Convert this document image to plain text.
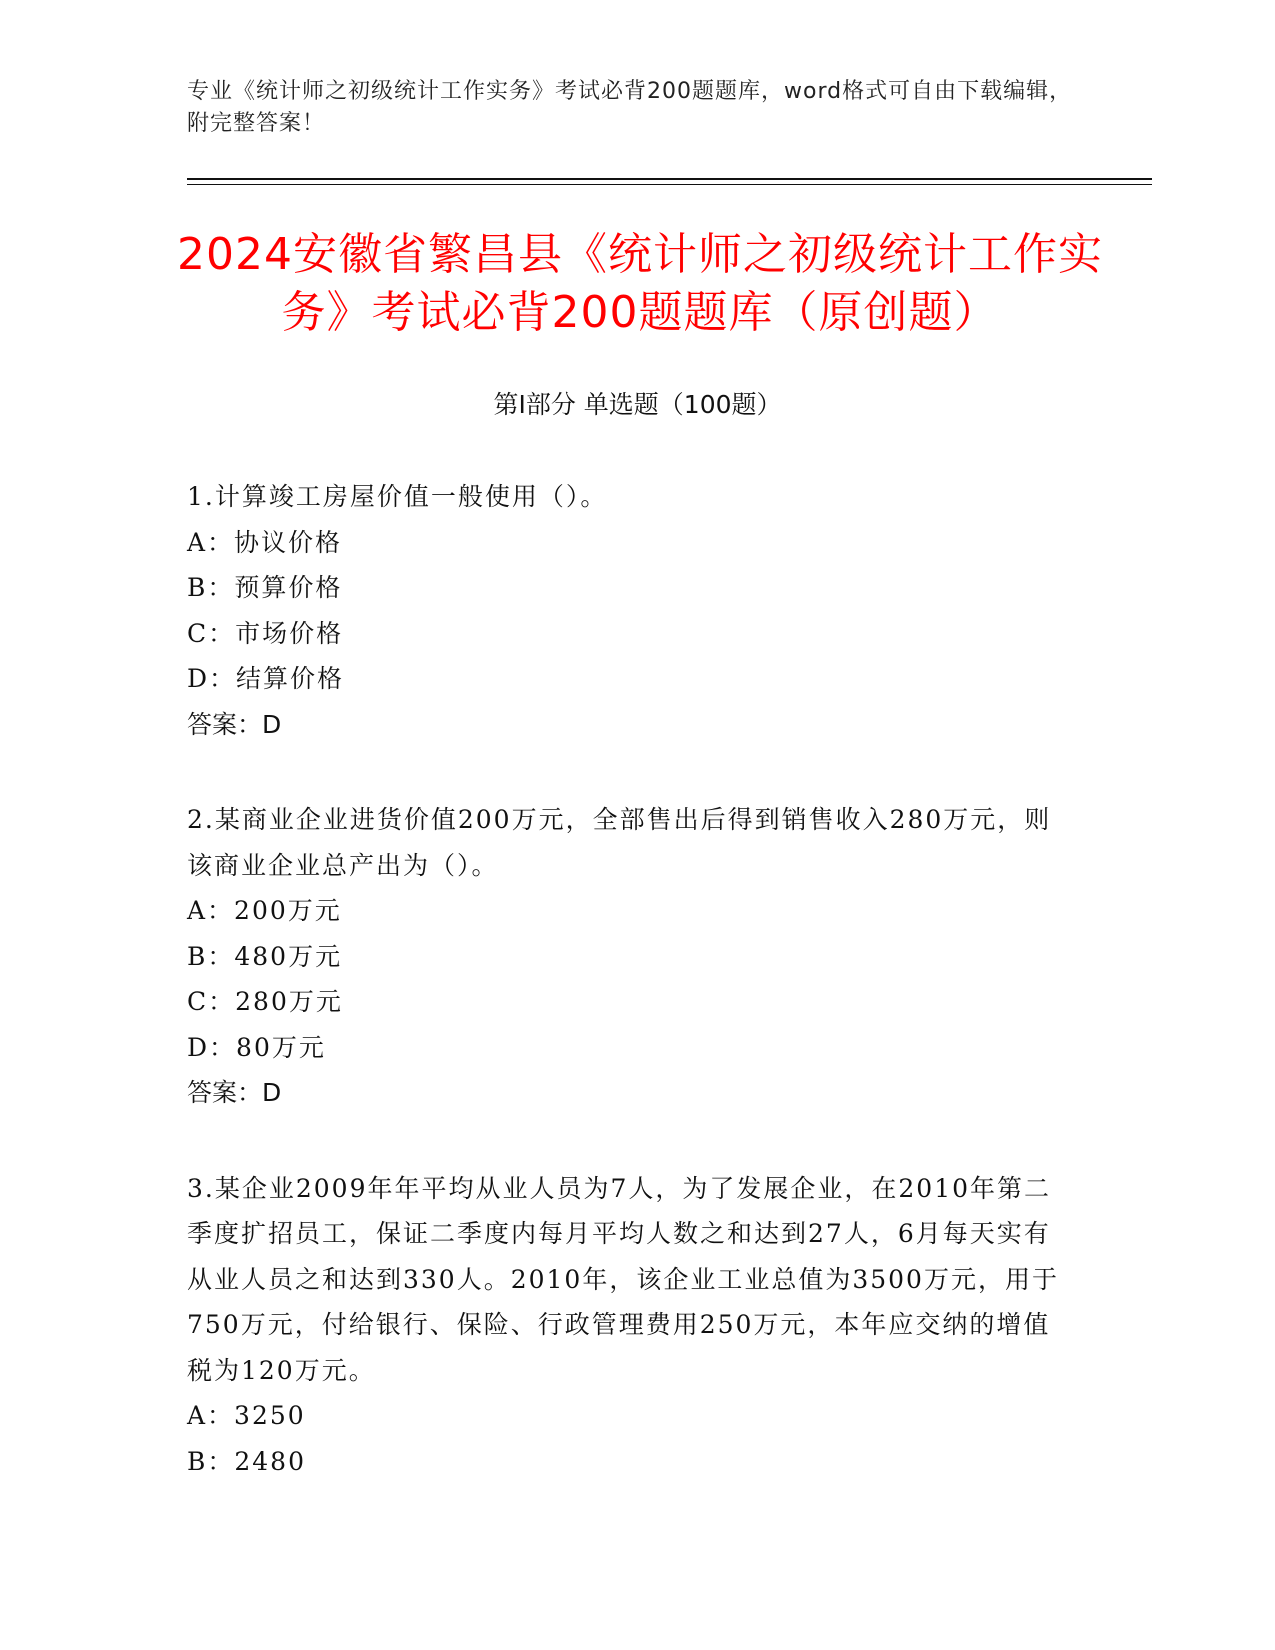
专业《统计师之初级统计工作实务》考试必背200题题库，word格式可自由下载编辑，附完整答案！
2024安徽省繁昌县《统计师之初级统计工作实务》考试必背200题题库（原创题）
第Ⅰ部分 单选题（100题）

1.计算竣工房屋价值一般使用（）。

A：协议价格

B：预算价格

C：市场价格

D：结算价格

答案：D

2.某商业企业进货价值200万元，全部售出后得到销售收入280万元，则该商业企业总产出为（）。

A：200万元

B：480万元

C：280万元

D：80万元

答案：D

3.某企业2009年年平均从业人员为7人，为了发展企业，在2010年第二季度扩招员工，保证二季度内每月平均人数之和达到27人，6月每天实有从业人员之和达到330人。2010年，该企业工业总值为3500万元，用于750万元，付给银行、保险、行政管理费用250万元，本年应交纳的增值税为120万元。

A：3250

B：2480
